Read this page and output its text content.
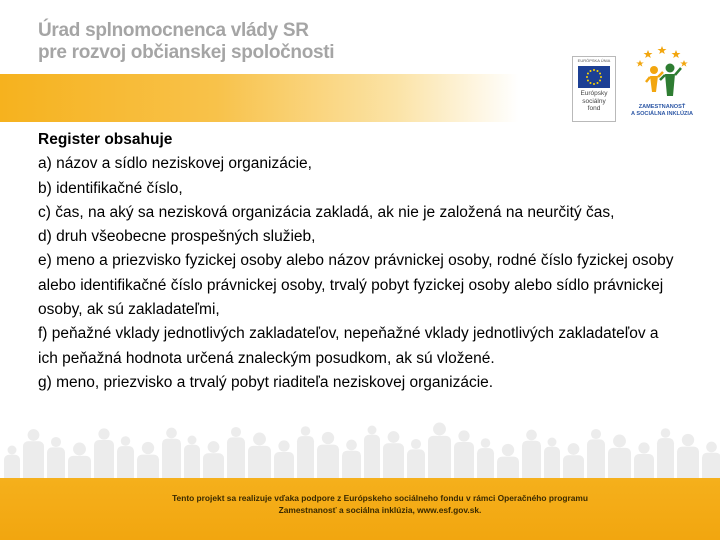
Úrad splnomocnenca vlády SR
pre rozvoj občianskej spoločnosti	EURÓPSKA ÚNIA
Európsky
sociálny
fond	ZAMESTNANOSŤ
A SOCIÁLNA INKLÚZIA
Register obsahuje
a) názov a sídlo neziskovej organizácie,
b) identifikačné číslo,
c) čas, na aký sa nezisková organizácia zakladá, ak nie je založená na neurčitý čas,
d) druh všeobecne prospešných služieb,
e) meno a priezvisko fyzickej osoby alebo názov právnickej osoby, rodné číslo fyzickej osoby alebo identifikačné číslo právnickej osoby, trvalý pobyt fyzickej osoby alebo sídlo právnickej osoby, ak sú zakladateľmi,
f) peňažné vklady jednotlivých zakladateľov, nepeňažné vklady jednotlivých zakladateľov a ich peňažná hodnota určená znaleckým posudkom, ak sú vložené.
g) meno, priezvisko a trvalý pobyt riaditeľa neziskovej organizácie.
Tento projekt sa realizuje vďaka podpore z Európskeho sociálneho fondu v rámci Operačného programu
Zamestnanosť a sociálna inklúzia, www.esf.gov.sk.
